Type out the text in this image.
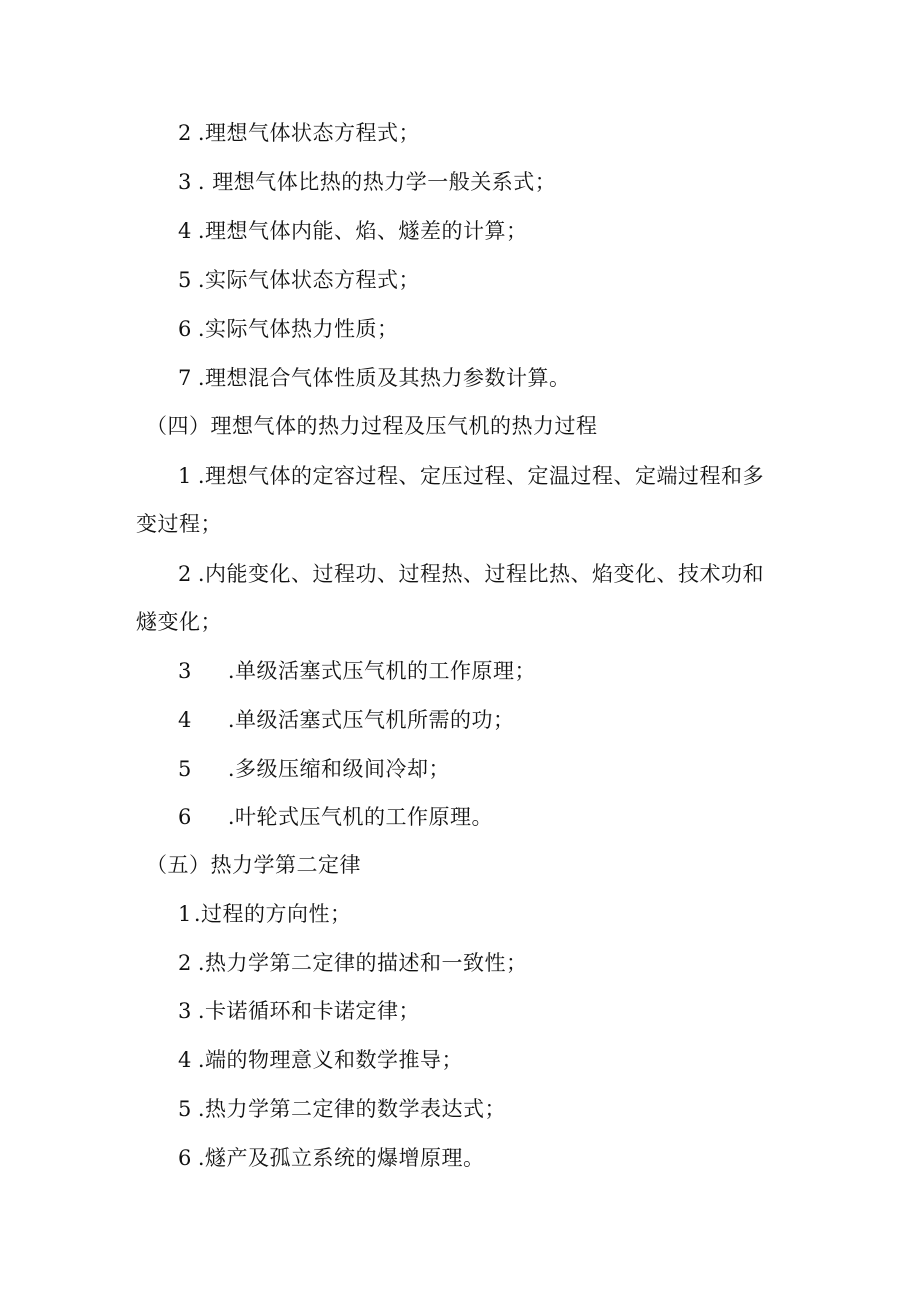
2 .理想气体状态方程式；
3 . 理想气体比热的热力学一般关系式；
4 .理想气体内能、焰、燧差的计算；
5 .实际气体状态方程式；
6 .实际气体热力性质；
7 .理想混合气体性质及其热力参数计算。
（四）理想气体的热力过程及压气机的热力过程
1 .理想气体的定容过程、定压过程、定温过程、定端过程和多
变过程；
2 .内能变化、过程功、过程热、过程比热、焰变化、技术功和
燧变化；
3 .单级活塞式压气机的工作原理；
4 .单级活塞式压气机所需的功；
5 .多级压缩和级间冷却；
6 .叶轮式压气机的工作原理。
（五）热力学第二定律
1.过程的方向性；
2 .热力学第二定律的描述和一致性；
3 .卡诺循环和卡诺定律；
4 .端的物理意义和数学推导；
5 .热力学第二定律的数学表达式；
6 .燧产及孤立系统的爆增原理。
